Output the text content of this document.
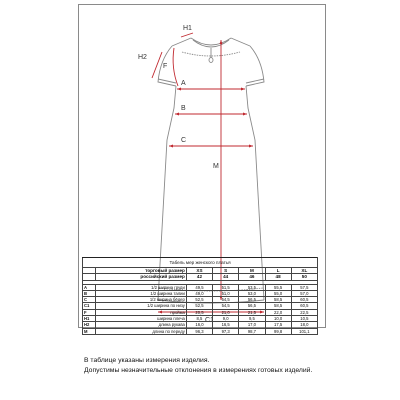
H1
H2
F
A
B
C
M
C1
Табель мер женского платья						
	торговый размер	XS	S	M	L	XL
	российский размер	42	44	46	48	50

A	1/2 ширина груди	49,5	51,5	53,5	55,5	57,5
B	1/2 ширина талии	49,0	51,0	53,0	55,0	57,0
C	1/2 ширина бёдер	52,5	54,5	56,5	58,5	60,5
C1	1/2 ширина по низу	52,5	54,5	56,5	58,5	60,5
F	пройма	20,5	21,0	21,5	22,0	22,5
H1	ширина плеча	8,5	9,0	9,5	10,0	10,5
H2	длина рукава	16,0	16,5	17,0	17,5	18,0
M	длина по переду	96,3	97,3	98,7	99,8	101,1
В таблице указаны измерения изделия.
Допустимы незначительные отклонения в измерениях готовых изделий.
